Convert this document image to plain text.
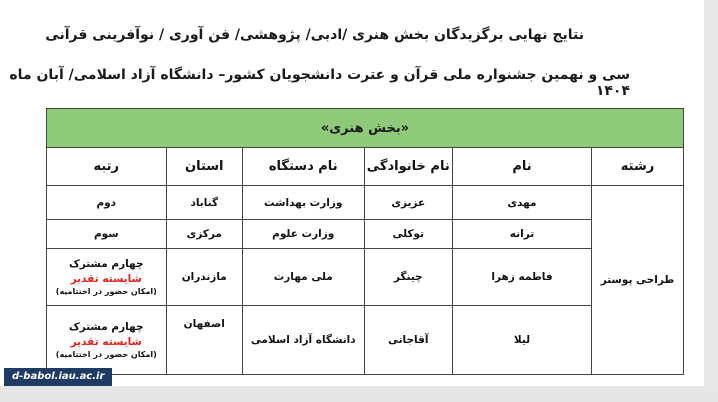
نتایج نهایی برگزیدگان بخش هنری /ادبی/ پژوهشی/ فن آوری / نوآفرینی قرآنی
سی و نهمین جشنواره ملی قرآن و عترت دانشجویان کشور– دانشگاه آزاد اسلامی/ آبان ماه ۱۴۰۴
«بخش هنری»					
رشته	نام	نام خانوادگی	نام دستگاه	استان	رتبه
طراحی پوستر	مهدی	عزیزی	وزارت بهداشت	گناباد	دوم
	ترانه	توکلی	وزارت علوم	مرکزی	سوم
	فاطمه زهرا	چینگر	ملی مهارت	مازندران	چهارم مشترک
شایسته تقدیر
(امکان حضور در اختتامیه)

	لیلا	آقاجانی	دانشگاه آزاد اسلامی	اصفهان	چهارم مشترک
شایسته تقدیر
(امکان حضور در اختتامیه)
d-babol.iau.ac.ir
